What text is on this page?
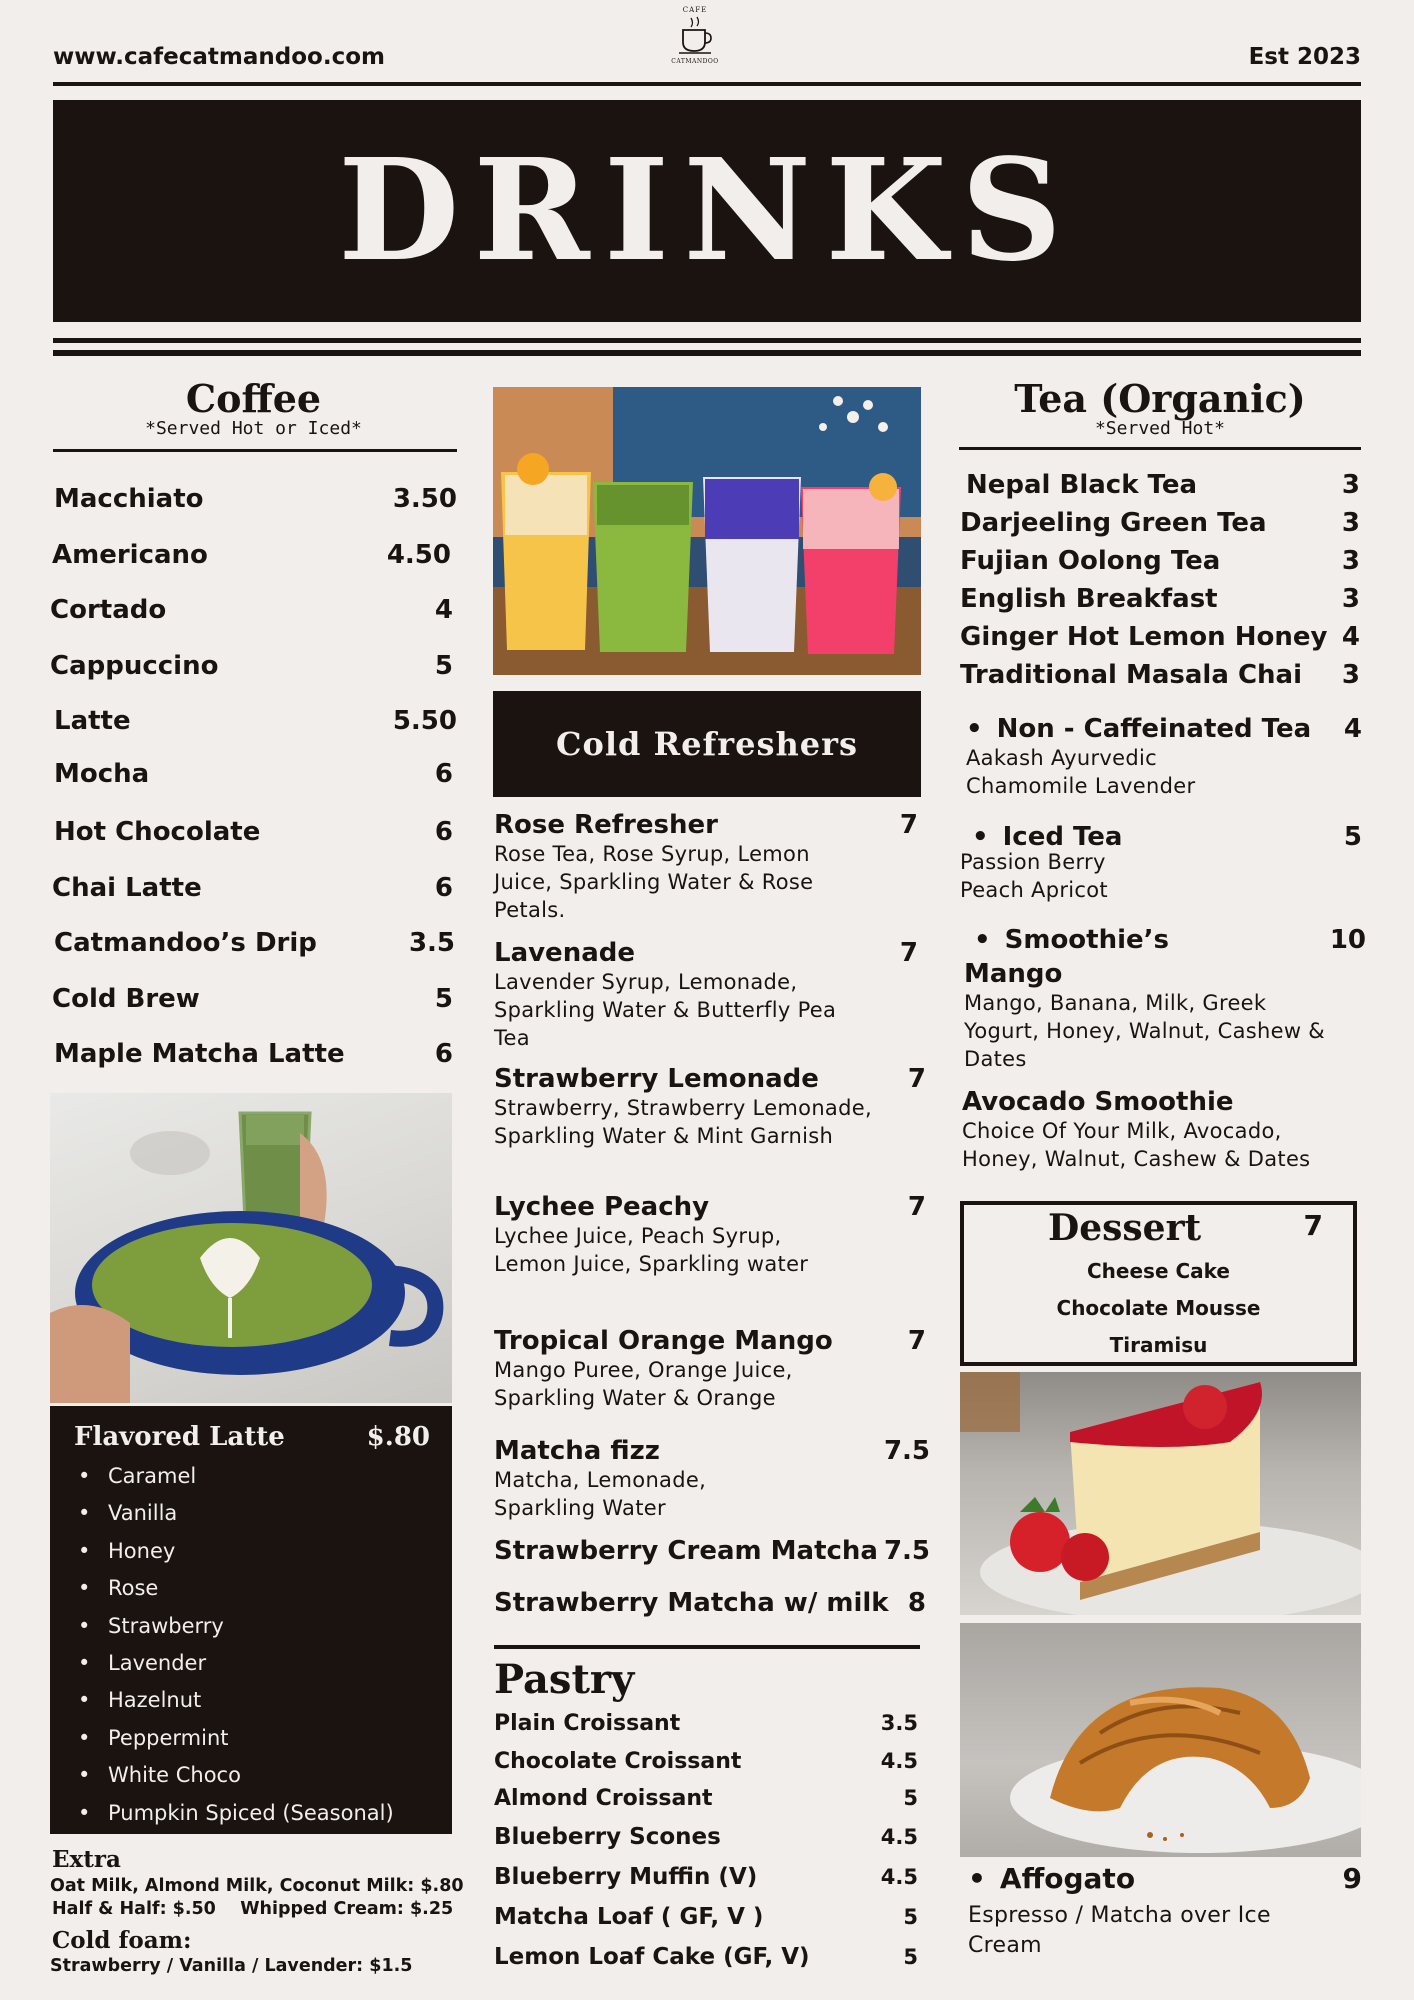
www.cafecatmandoo.com
CAFE
CATMANDOO	Est 2023
DRINKS
Coffee
*Served Hot or Iced*
Macchiato	3.50
Americano	4.50
Cortado	4
Cappuccino	5
Latte	5.50
Mocha	6
Hot Chocolate	6
Chai Latte	6
Catmandoo’s Drip	3.5
Cold Brew	5
Maple Matcha Latte	6
Flavored Latte	$.80
• Caramel
• Vanilla
• Honey
• Rose
• Strawberry
• Lavender
• Hazelnut
• Peppermint
• White Choco
• Pumpkin Spiced (Seasonal)
Extra
Oat Milk, Almond Milk, Coconut Milk: $.80
Half & Half: $.50    Whipped Cream: $.25
Cold foam:
Strawberry / Vanilla / Lavender: $1.5
Cold Refreshers
Rose Refresher	7
Rose Tea, Rose Syrup, Lemon Juice, Sparkling Water & Rose Petals.
Lavenade	7
Lavender Syrup, Lemonade, Sparkling Water & Butterfly Pea Tea
Strawberry Lemonade	7
Strawberry, Strawberry Lemonade, Sparkling Water & Mint Garnish
Lychee Peachy	7
Lychee Juice, Peach Syrup, Lemon Juice, Sparkling water
Tropical Orange Mango	7
Mango Puree, Orange Juice, Sparkling Water & Orange
Matcha fizz	7.5
Matcha, Lemonade, Sparkling Water
Strawberry Cream Matcha 7.5
Strawberry Matcha w/ milk 8
Pastry
Plain Croissant	3.5
Chocolate Croissant	4.5
Almond Croissant	5
Blueberry Scones	4.5
Blueberry Muffin (V)	4.5
Matcha Loaf ( GF, V )	5
Lemon Loaf Cake (GF, V)	5
Tea (Organic)
*Served Hot*
Nepal Black Tea	3
Darjeeling Green Tea	3
Fujian Oolong Tea	3
English Breakfast	3
Ginger Hot Lemon Honey 4
Traditional Masala Chai 3
• Non - Caffeinated Tea 4
Aakash Ayurvedic
Chamomile Lavender
• Iced Tea	5
Passion Berry
Peach Apricot
• Smoothie’s	10
Mango
Mango, Banana, Milk, Greek Yogurt, Honey, Walnut, Cashew & Dates
Avocado Smoothie
Choice Of Your Milk, Avocado, Honey, Walnut, Cashew & Dates
Dessert	7
Cheese Cake
Chocolate Mousse
Tiramisu
• Affogato	9
Espresso / Matcha over Ice Cream
